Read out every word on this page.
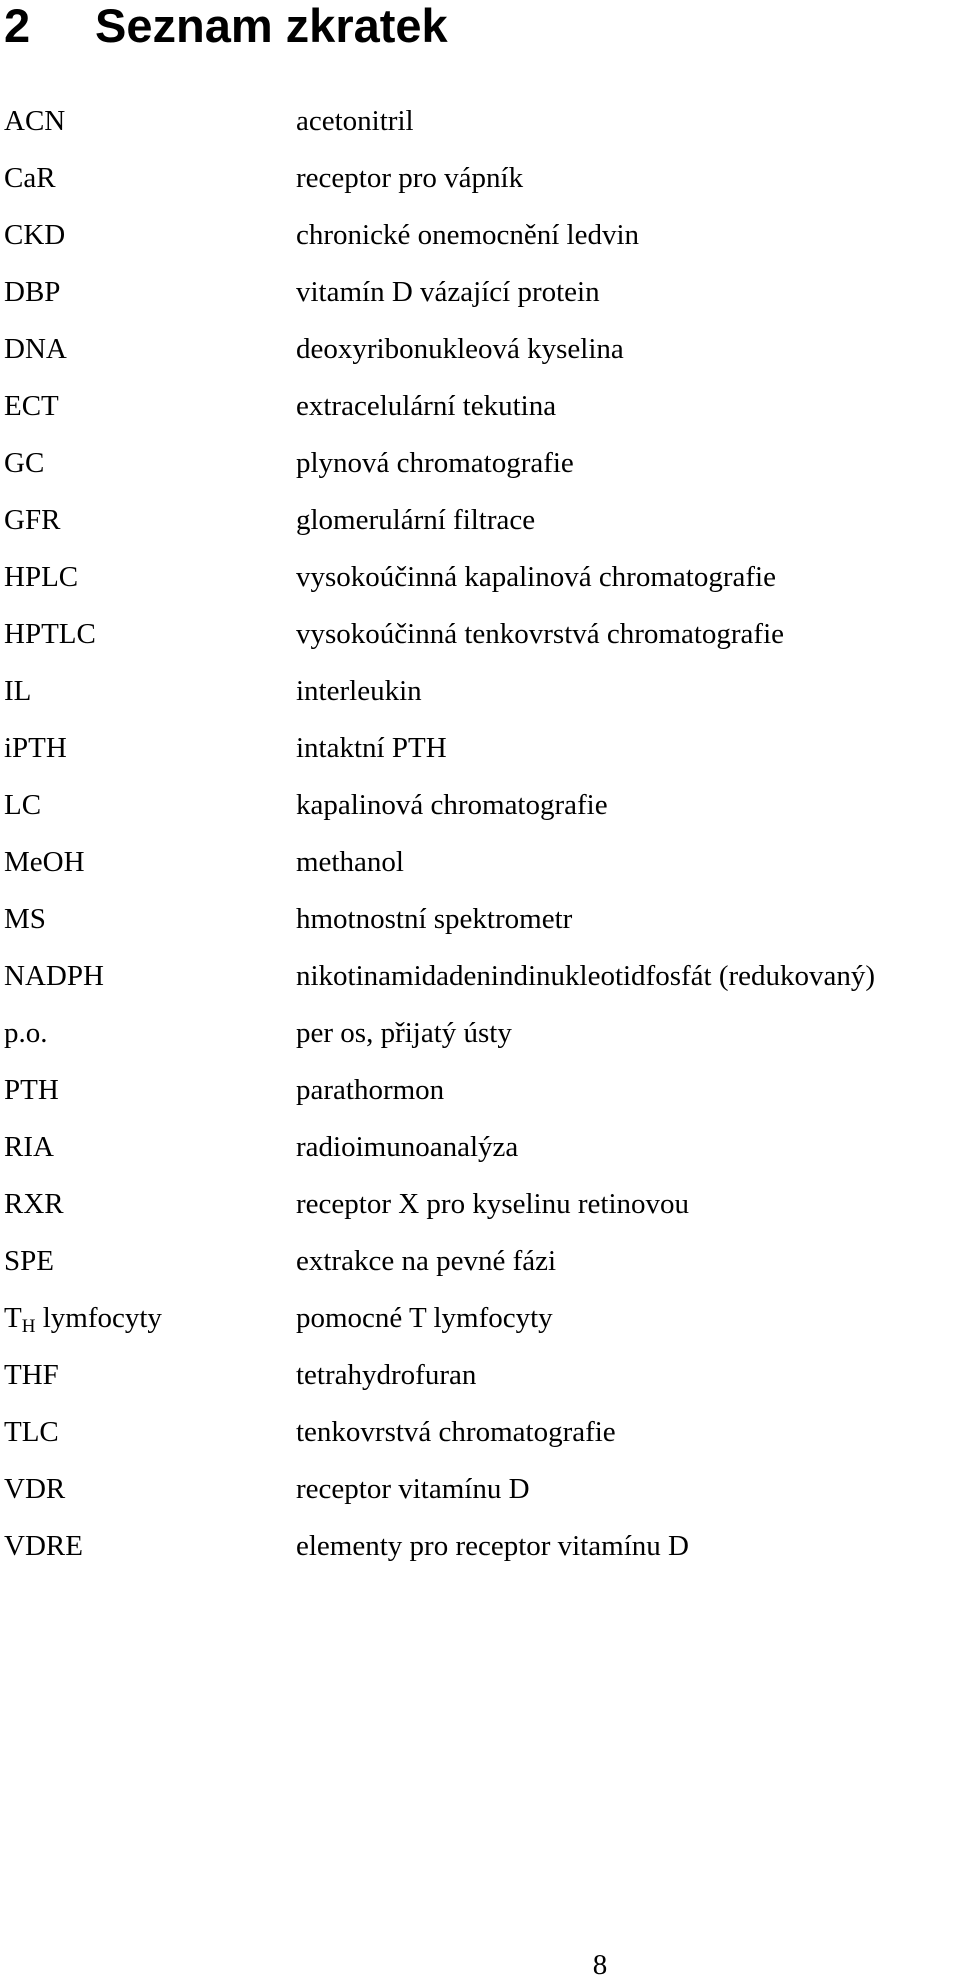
2 Seznam zkratek
ACN	acetonitril
CaR	receptor pro vápník
CKD	chronické onemocnění ledvin
DBP	vitamín D vázající protein
DNA	deoxyribonukleová kyselina
ECT	extracelulární tekutina
GC	plynová chromatografie
GFR	glomerulární filtrace
HPLC	vysokoúčinná kapalinová chromatografie
HPTLC	vysokoúčinná tenkovrstvá chromatografie
IL	interleukin
iPTH	intaktní PTH
LC	kapalinová chromatografie
MeOH	methanol
MS	hmotnostní spektrometr
NADPH	nikotinamidadenindinukleotidfosfát (redukovaný)
p.o.	per os, přijatý ústy
PTH	parathormon
RIA	radioimunoanalýza
RXR	receptor X pro kyselinu retinovou
SPE	extrakce na pevné fázi
$T_H$ lymfocyty	pomocné T lymfocyty
THF	tetrahydrofuran
TLC	tenkovrstvá chromatografie
VDR	receptor vitamínu D
VDRE	elementy pro receptor vitamínu D
8
